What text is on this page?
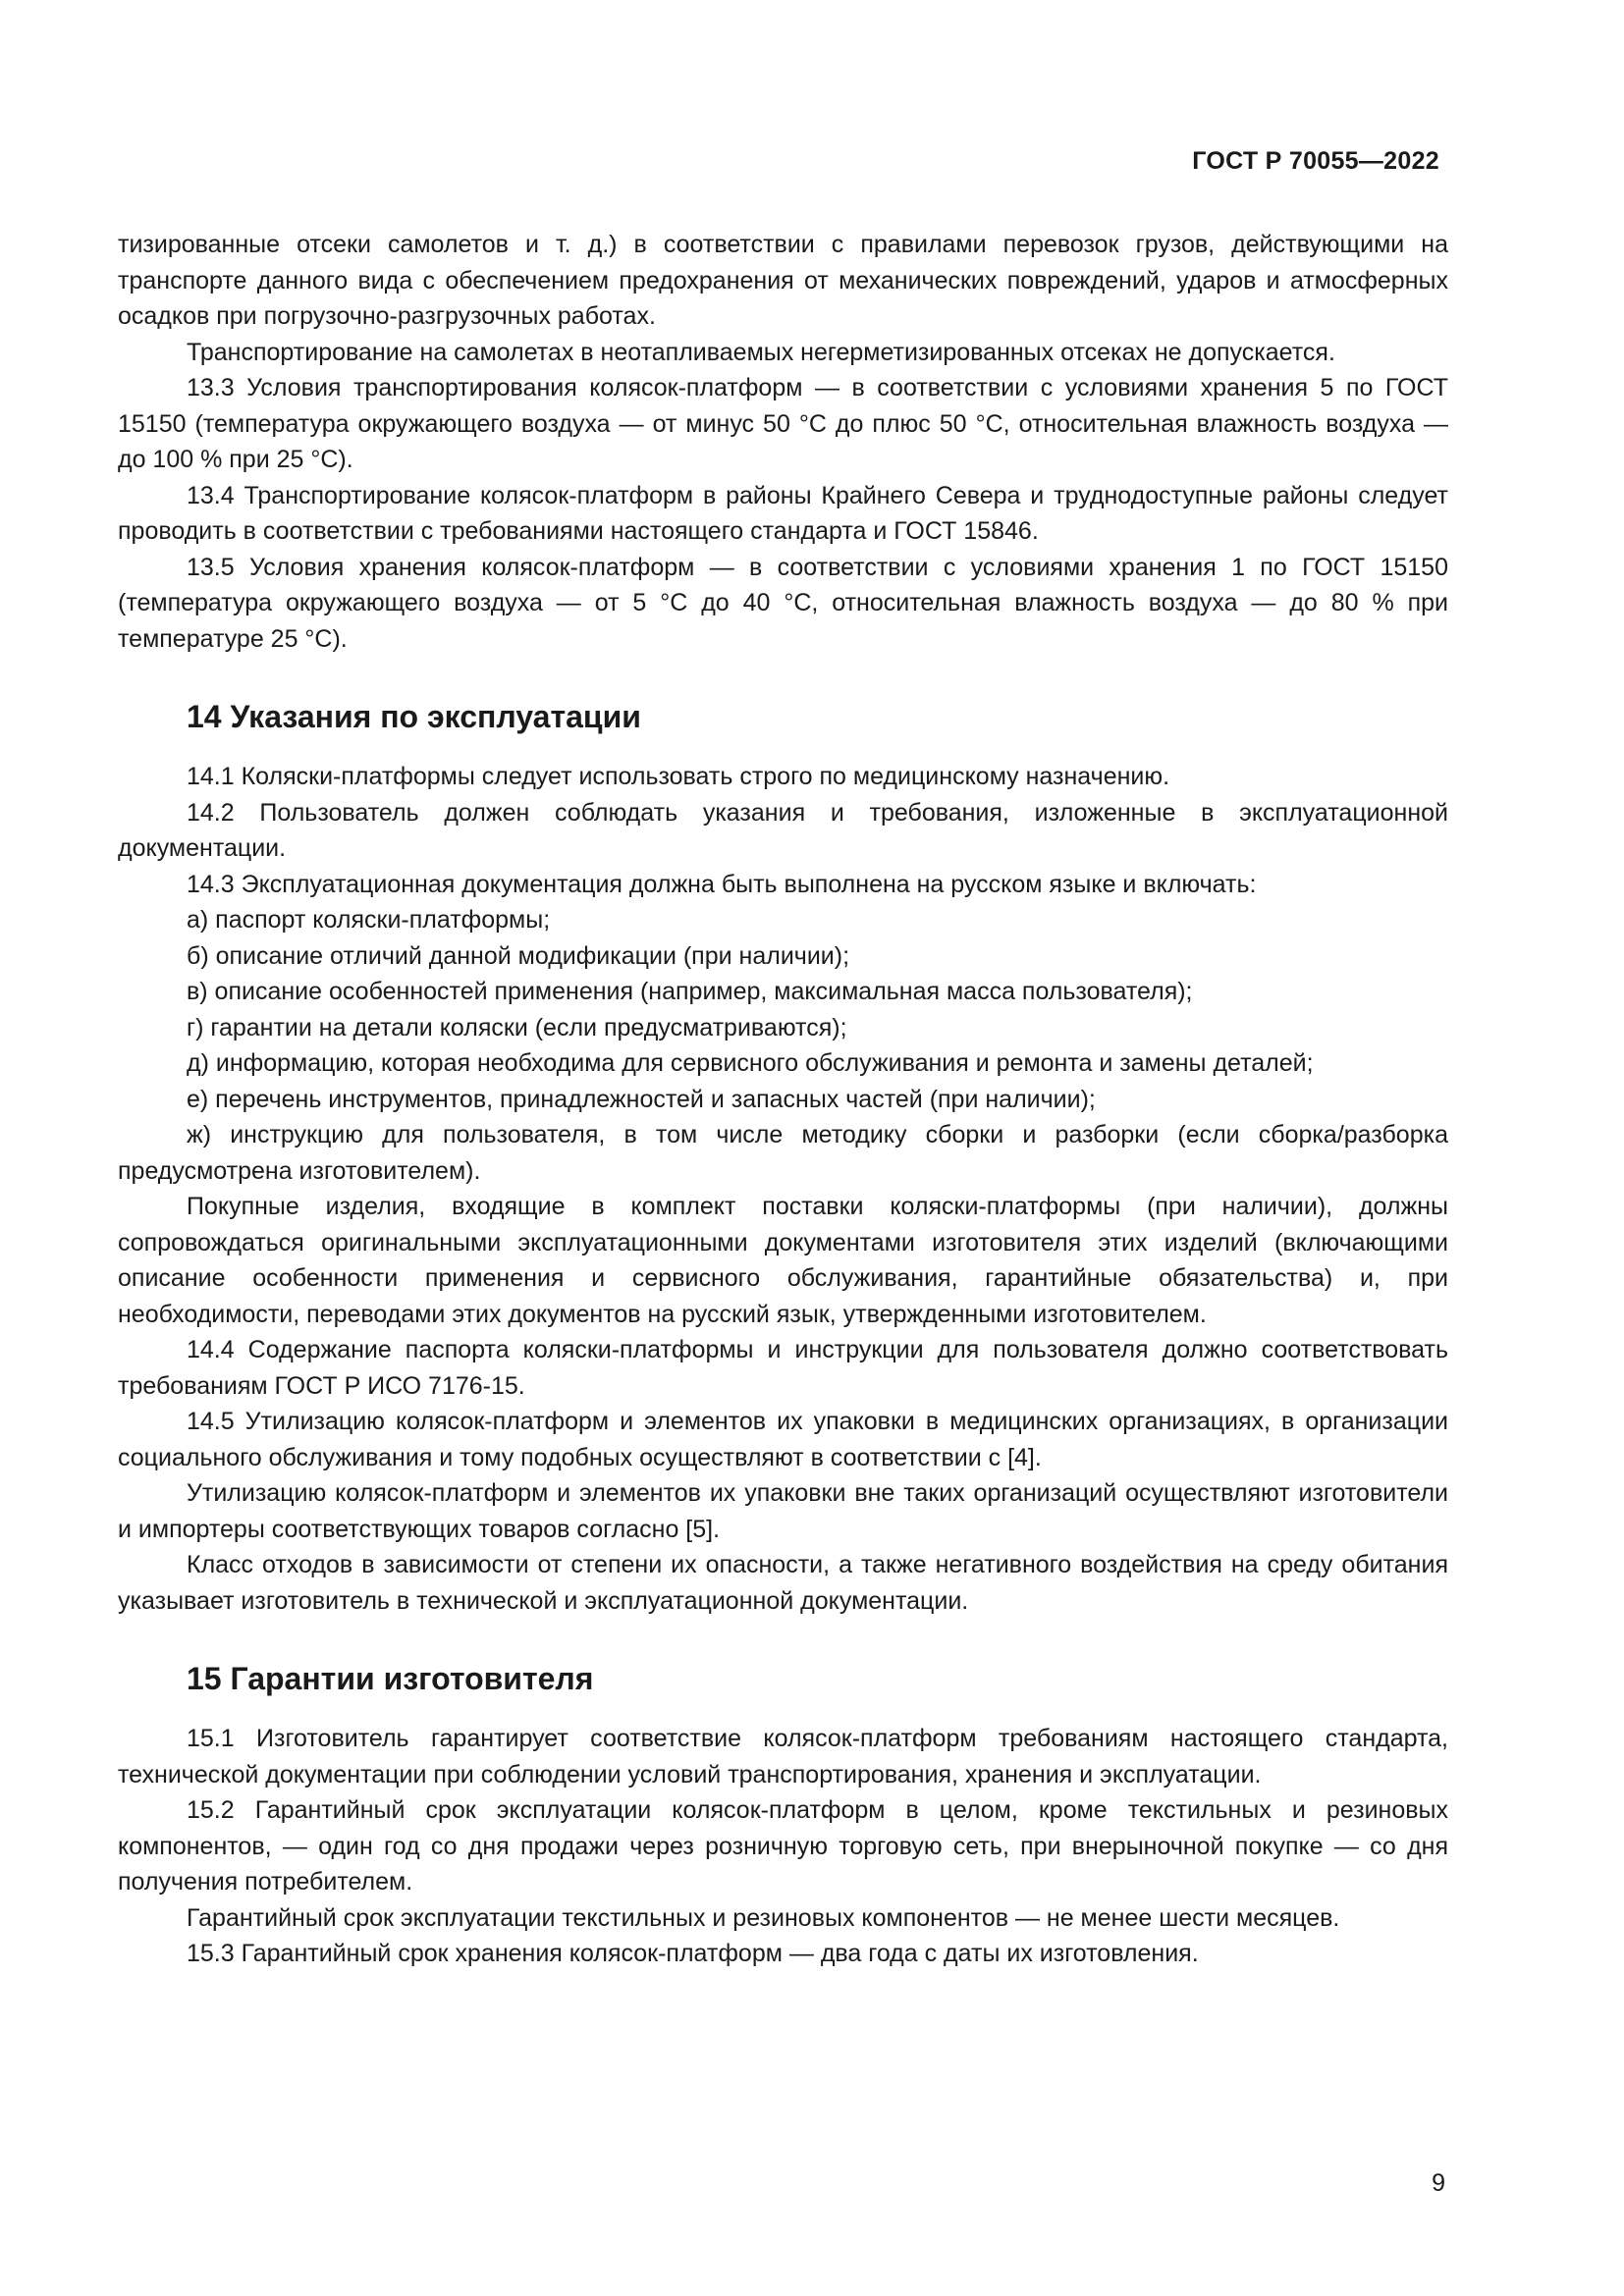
ГОСТ Р 70055—2022

тизированные отсеки самолетов и т. д.) в соответствии с правилами перевозок грузов, действующими на транспорте данного вида с обеспечением предохранения от механических повреждений, ударов и атмосферных осадков при погрузочно-разгрузочных работах.

Транспортирование на самолетах в неотапливаемых негерметизированных отсеках не допускается.

13.3 Условия транспортирования колясок-платформ — в соответствии с условиями хранения 5 по ГОСТ 15150 (температура окружающего воздуха — от минус 50 °С до плюс 50 °С, относительная влажность воздуха — до 100 % при 25 °С).

13.4 Транспортирование колясок-платформ в районы Крайнего Севера и труднодоступные районы следует проводить в соответствии с требованиями настоящего стандарта и ГОСТ 15846.

13.5 Условия хранения колясок-платформ — в соответствии с условиями хранения 1 по ГОСТ 15150 (температура окружающего воздуха — от 5 °С до 40 °С, относительная влажность воздуха — до 80 % при температуре 25 °С).

14 Указания по эксплуатации

14.1 Коляски-платформы следует использовать строго по медицинскому назначению.

14.2 Пользователь должен соблюдать указания и требования, изложенные в эксплуатационной документации.

14.3 Эксплуатационная документация должна быть выполнена на русском языке и включать:

а) паспорт коляски-платформы;

б) описание отличий данной модификации (при наличии);

в) описание особенностей применения (например, максимальная масса пользователя);

г) гарантии на детали коляски (если предусматриваются);

д) информацию, которая необходима для сервисного обслуживания и ремонта и замены деталей;

е) перечень инструментов, принадлежностей и запасных частей (при наличии);

ж) инструкцию для пользователя, в том числе методику сборки и разборки (если сборка/разборка предусмотрена изготовителем).

Покупные изделия, входящие в комплект поставки коляски-платформы (при наличии), должны сопровождаться оригинальными эксплуатационными документами изготовителя этих изделий (включающими описание особенности применения и сервисного обслуживания, гарантийные обязательства) и, при необходимости, переводами этих документов на русский язык, утвержденными изготовителем.

14.4 Содержание паспорта коляски-платформы и инструкции для пользователя должно соответствовать требованиям ГОСТ Р ИСО 7176-15.

14.5 Утилизацию колясок-платформ и элементов их упаковки в медицинских организациях, в организации социального обслуживания и тому подобных осуществляют в соответствии с [4].

Утилизацию колясок-платформ и элементов их упаковки вне таких организаций осуществляют изготовители и импортеры соответствующих товаров согласно [5].

Класс отходов в зависимости от степени их опасности, а также негативного воздействия на среду обитания указывает изготовитель в технической и эксплуатационной документации.

15 Гарантии изготовителя

15.1 Изготовитель гарантирует соответствие колясок-платформ требованиям настоящего стандарта, технической документации при соблюдении условий транспортирования, хранения и эксплуатации.

15.2 Гарантийный срок эксплуатации колясок-платформ в целом, кроме текстильных и резиновых компонентов, — один год со дня продажи через розничную торговую сеть, при внерыночной покупке — со дня получения потребителем.

Гарантийный срок эксплуатации текстильных и резиновых компонентов — не менее шести месяцев.

15.3 Гарантийный срок хранения колясок-платформ — два года с даты их изготовления.

9
